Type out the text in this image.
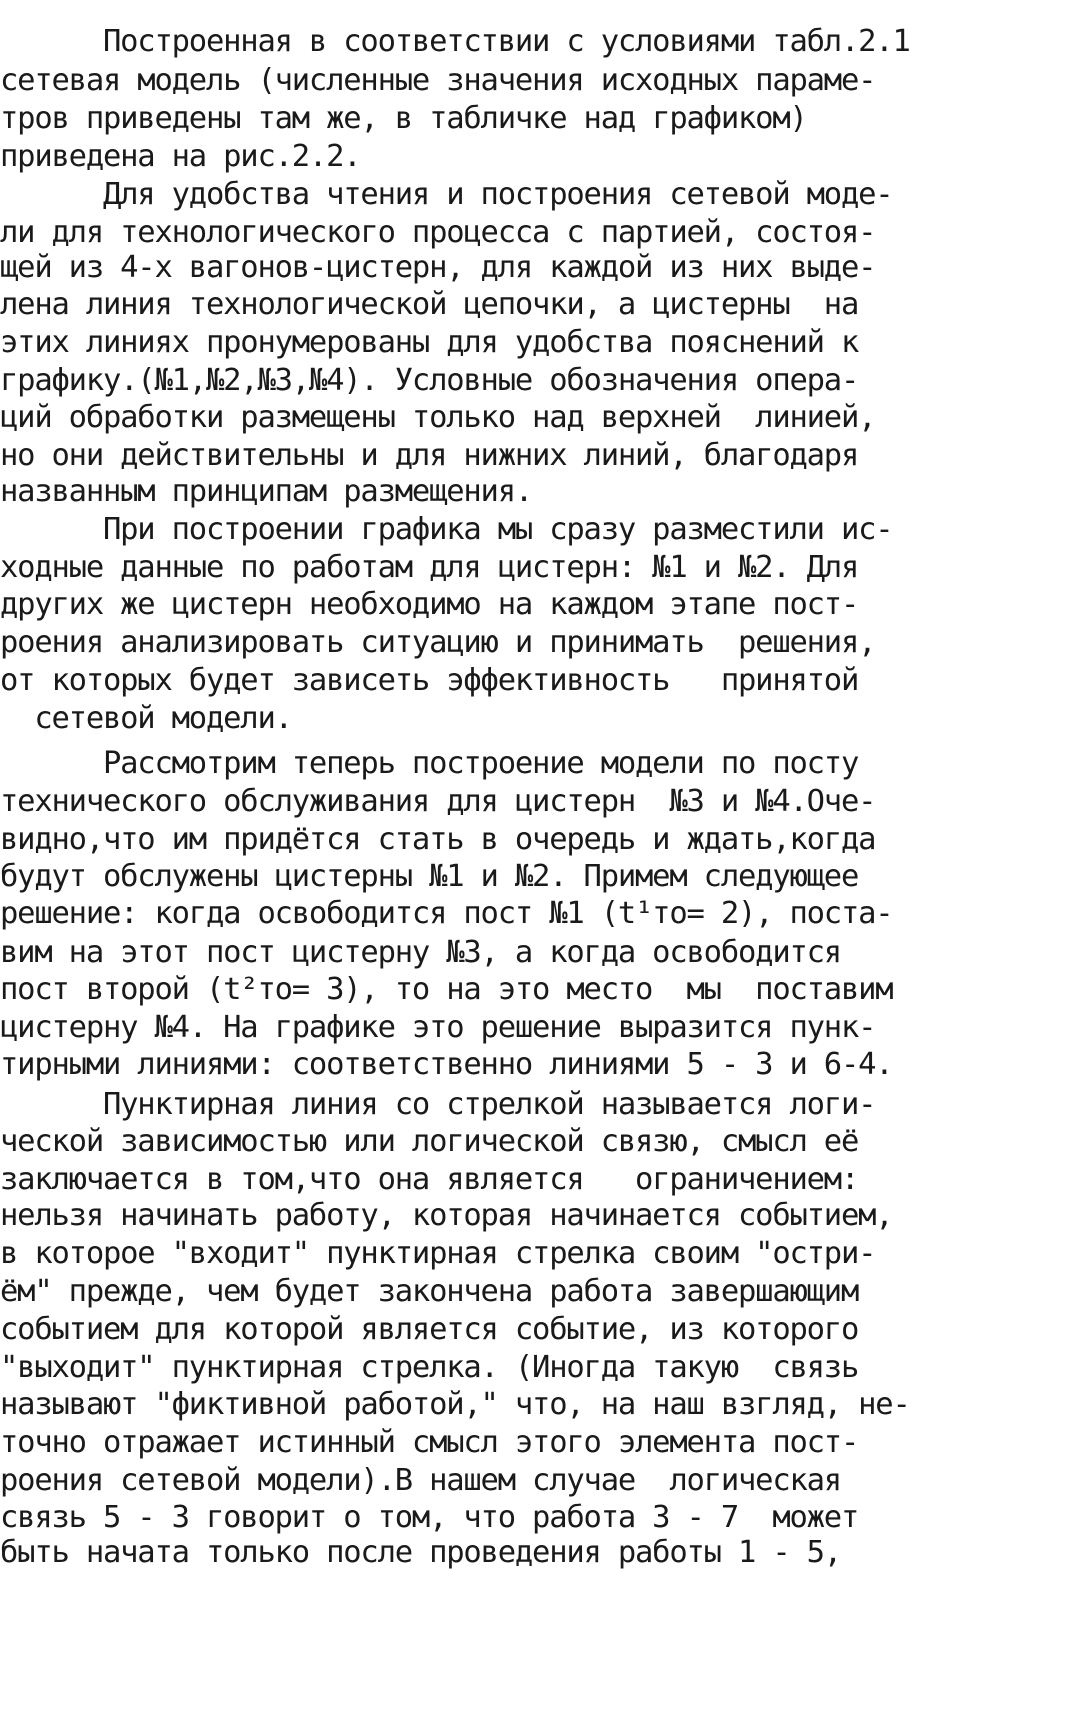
Построенная в соответствии с условиями табл.2.1
сетевая модель (численные значения исходных параме-
тров приведены там же, в табличке над графиком)
приведена на рис.2.2.
Для удобства чтения и построения сетевой моде-
ли для технологического процесса с партией, состоя-
щей из 4-х вагонов-цистерн, для каждой из них выде-
лена линия технологической цепочки, а цистерны  на
этих линиях пронумерованы для удобства пояснений к
графику.(№1,№2,№3,№4). Условные обозначения опера-
ций обработки размещены только над верхней  линией,
но они действительны и для нижних линий, благодаря
названным принципам размещения.
При построении графика мы сразу разместили ис-
ходные данные по работам для цистерн: №1 и №2. Для
других же цистерн необходимо на каждом этапе пост-
роения анализировать ситуацию и принимать  решения,
от которых будет зависеть эффективность   принятой
сетевой модели.
Рассмотрим теперь построение модели по посту
технического обслуживания для цистерн  №3 и №4.Оче-
видно,что им придётся стать в очередь и ждать,когда
будут обслужены цистерны №1 и №2. Примем следующее
решение: когда освободится пост №1 (t¹то= 2), поста-
вим на этот пост цистерну №3, а когда освободится
пост второй (t²то= 3), то на это место  мы  поставим
цистерну №4. На графике это решение выразится пунк-
тирными линиями: соответственно линиями 5 - 3 и 6-4.
Пунктирная линия со стрелкой называется логи-
ческой зависимостью или логической связю, смысл её
заключается в том,что она является   ограничением:
нельзя начинать работу, которая начинается событием,
в которое "входит" пунктирная стрелка своим "остри-
ём" прежде, чем будет закончена работа завершающим
событием для которой является событие, из которого
"выходит" пунктирная стрелка. (Иногда такую  связь
называют "фиктивной работой," что, на наш взгляд, не-
точно отражает истинный смысл этого элемента пост-
роения сетевой модели).В нашем случае  логическая
связь 5 - 3 говорит о том, что работа 3 - 7  может
быть начата только после проведения работы 1 - 5,
